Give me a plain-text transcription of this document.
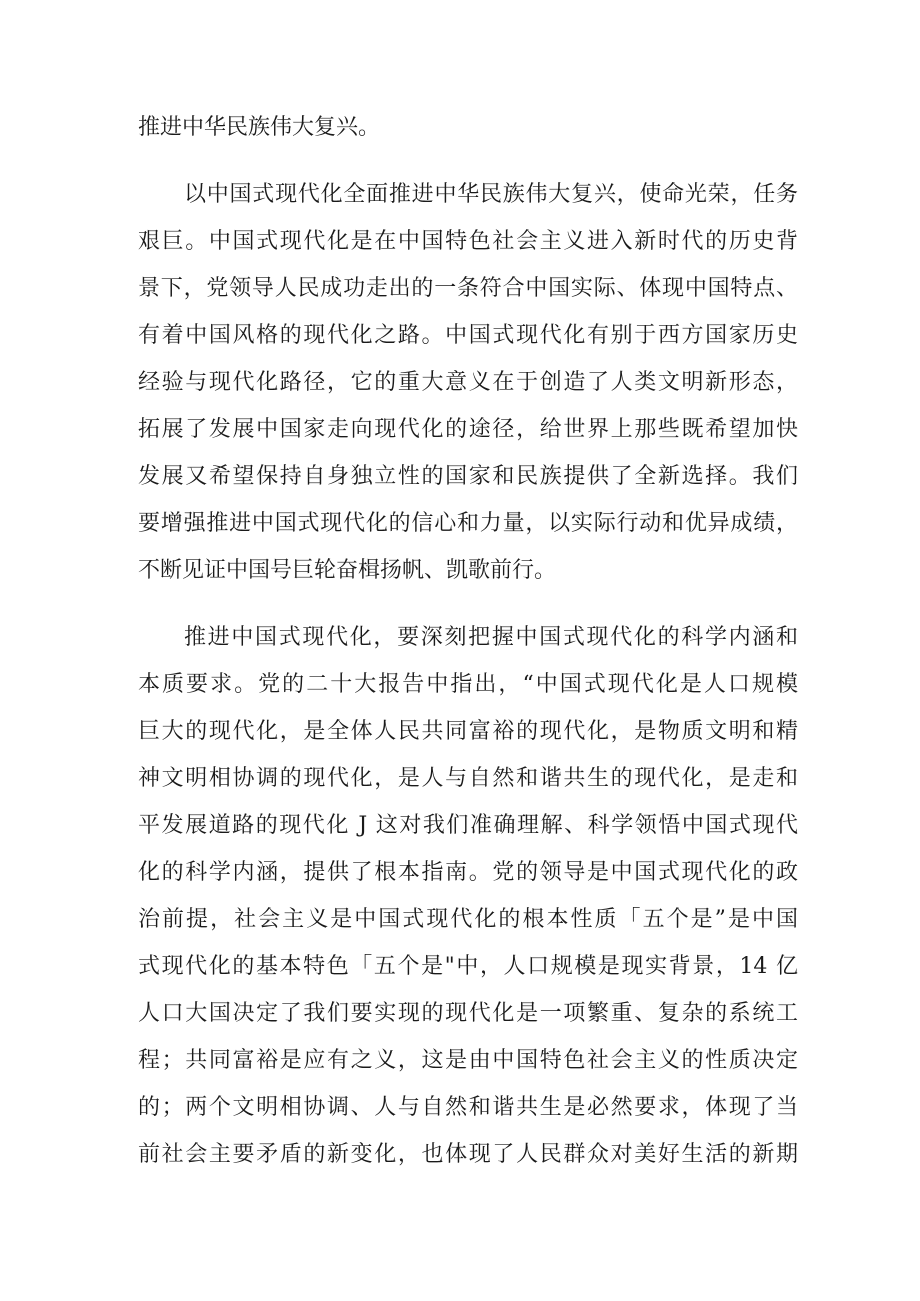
推进中华民族伟大复兴。
以中国式现代化全面推进中华民族伟大复兴，使命光荣，任务
艰巨。中国式现代化是在中国特色社会主义进入新时代的历史背
景下，党领导人民成功走出的一条符合中国实际、体现中国特点、
有着中国风格的现代化之路。中国式现代化有别于西方国家历史
经验与现代化路径，它的重大意义在于创造了人类文明新形态，
拓展了发展中国家走向现代化的途径，给世界上那些既希望加快
发展又希望保持自身独立性的国家和民族提供了全新选择。我们
要增强推进中国式现代化的信心和力量，以实际行动和优异成绩，
不断见证中国号巨轮奋楫扬帆、凯歌前行。
推进中国式现代化，要深刻把握中国式现代化的科学内涵和
本质要求。党的二十大报告中指出，“中国式现代化是人口规模
巨大的现代化，是全体人民共同富裕的现代化，是物质文明和精
神文明相协调的现代化，是人与自然和谐共生的现代化，是走和
平发展道路的现代化 J 这对我们准确理解、科学领悟中国式现代
化的科学内涵，提供了根本指南。党的领导是中国式现代化的政
治前提，社会主义是中国式现代化的根本性质「五个是”是中国
式现代化的基本特色「五个是"中，人口规模是现实背景，14 亿
人口大国决定了我们要实现的现代化是一项繁重、复杂的系统工
程；共同富裕是应有之义，这是由中国特色社会主义的性质决定
的；两个文明相协调、人与自然和谐共生是必然要求，体现了当
前社会主要矛盾的新变化，也体现了人民群众对美好生活的新期
